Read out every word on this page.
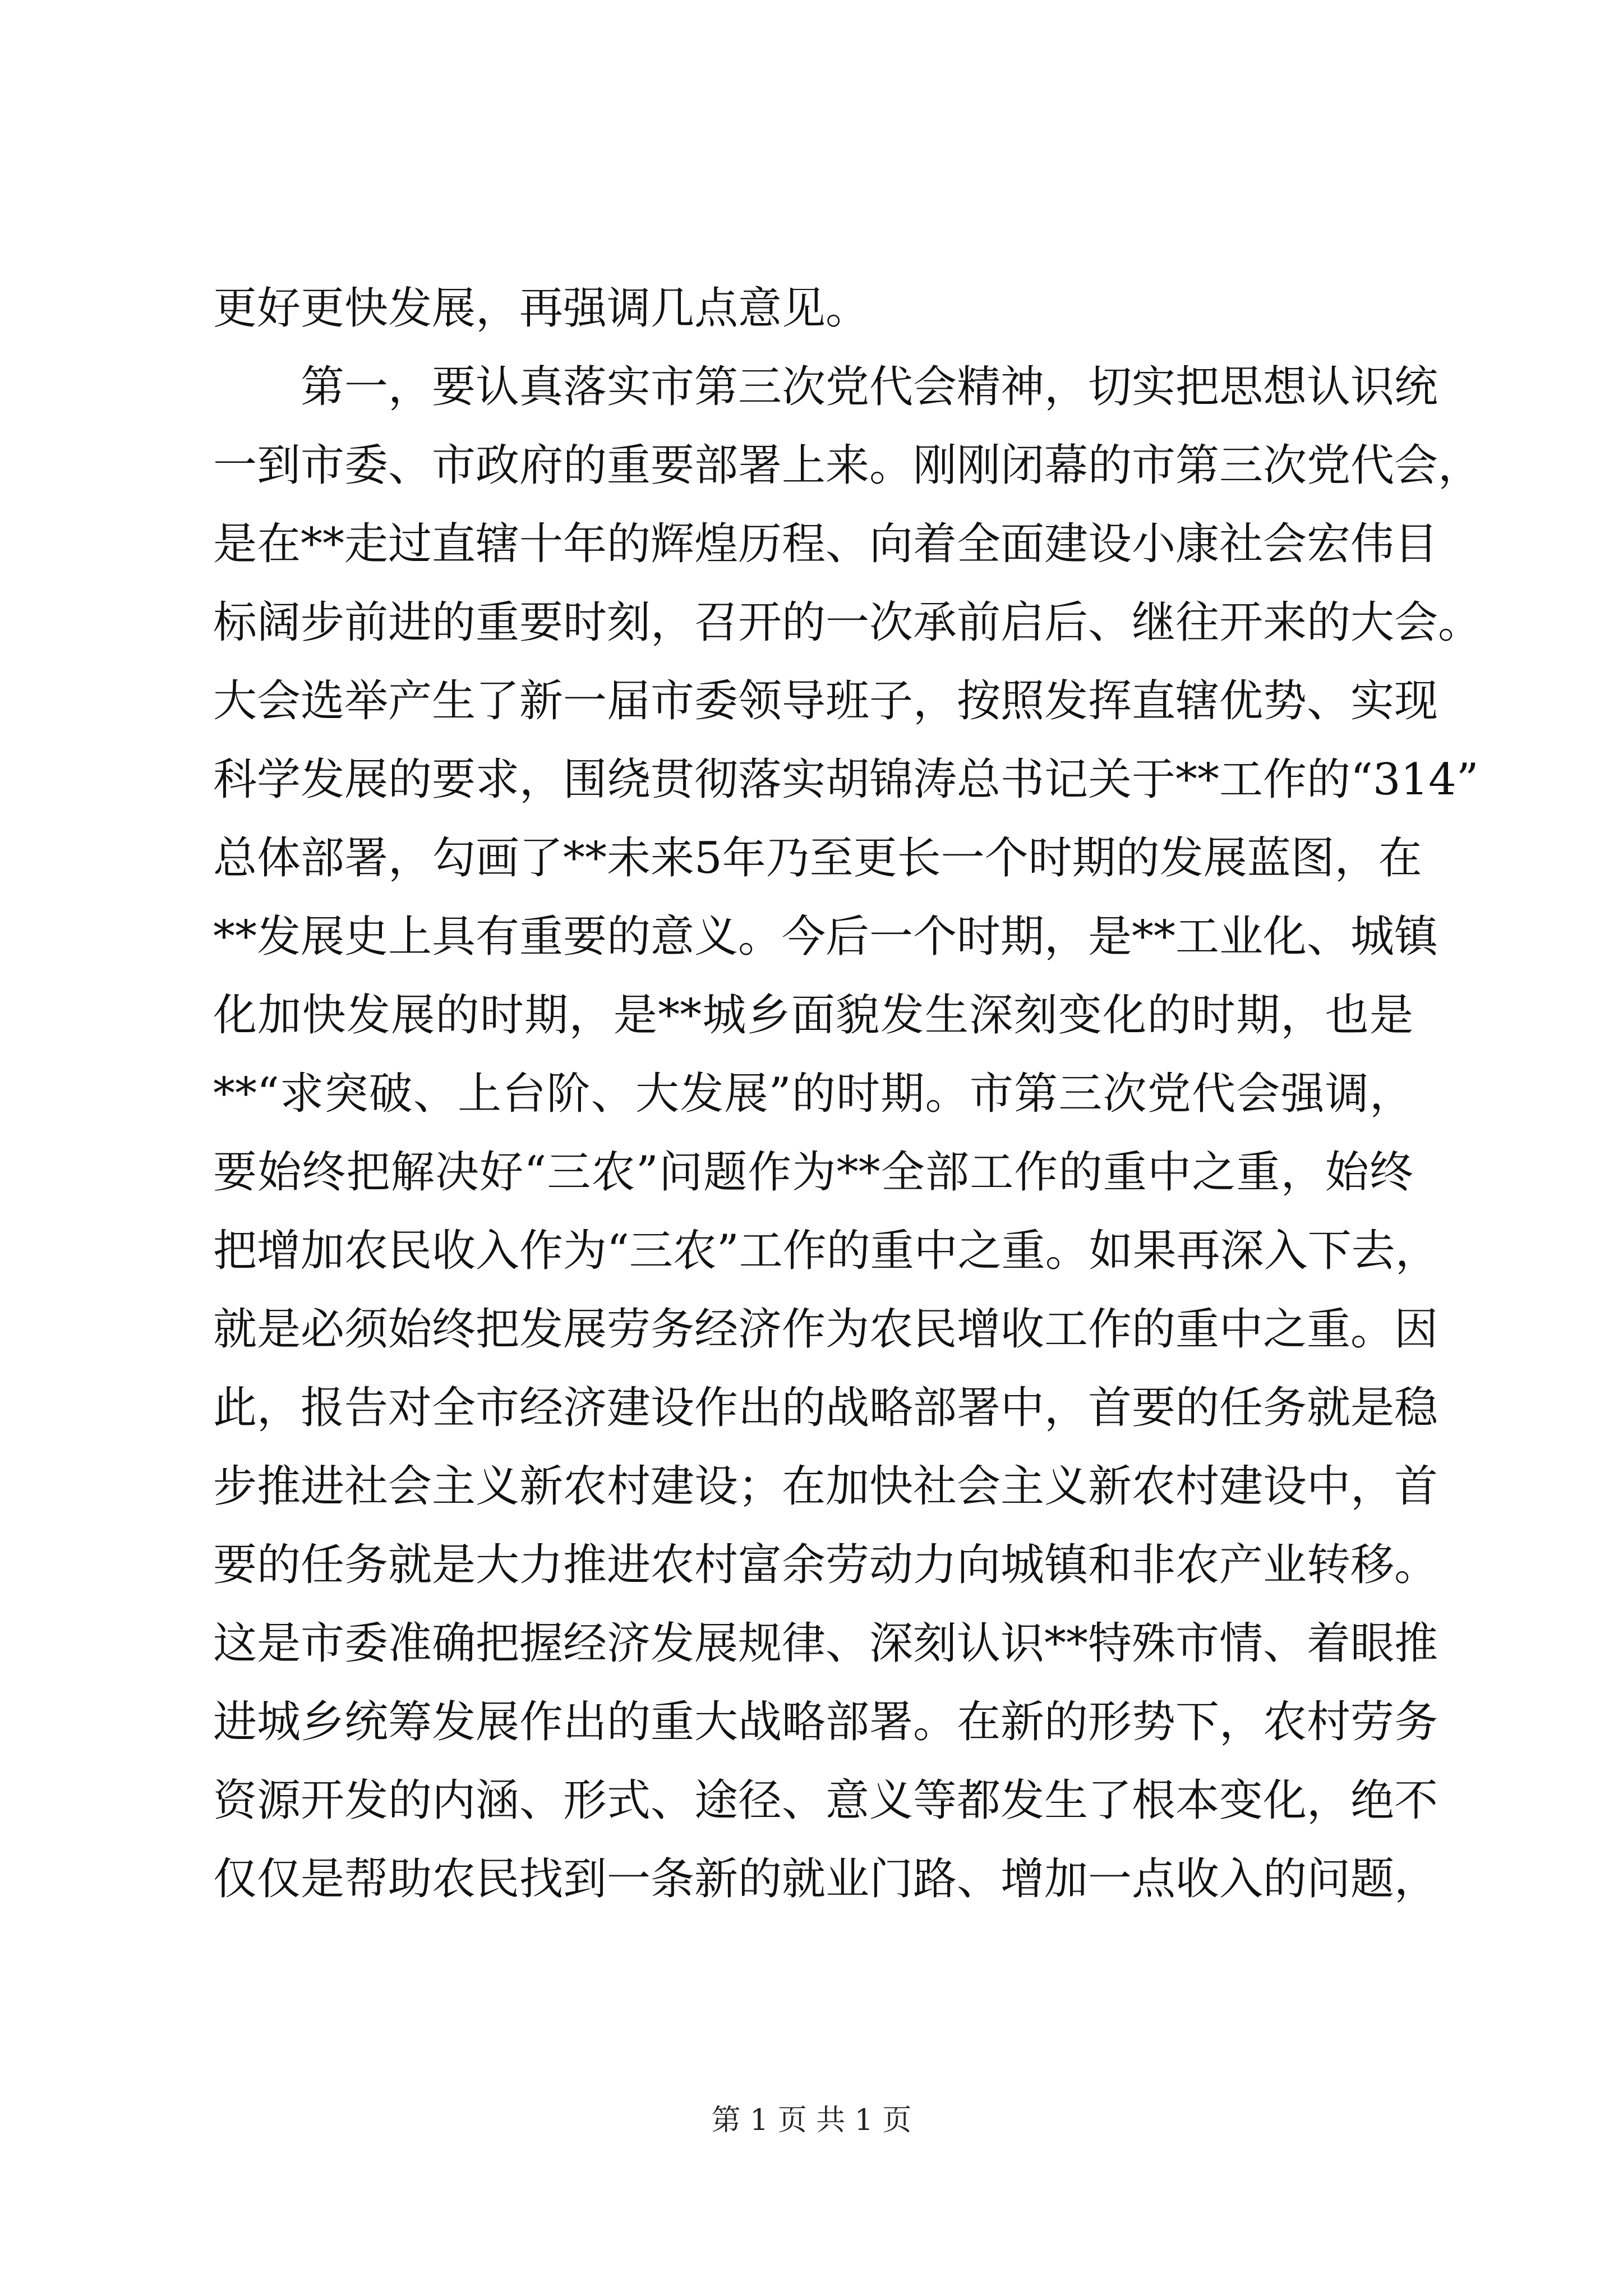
更好更快发展，再强调几点意见。
　　第一，要认真落实市第三次党代会精神，切实把思想认识统
一到市委、市政府的重要部署上来。刚刚闭幕的市第三次党代会，
是在**走过直辖十年的辉煌历程、向着全面建设小康社会宏伟目
标阔步前进的重要时刻，召开的一次承前启后、继往开来的大会。
大会选举产生了新一届市委领导班子，按照发挥直辖优势、实现
科学发展的要求，围绕贯彻落实胡锦涛总书记关于**工作的“314”
总体部署，勾画了**未来5年乃至更长一个时期的发展蓝图，在
**发展史上具有重要的意义。今后一个时期，是**工业化、城镇
化加快发展的时期，是**城乡面貌发生深刻变化的时期，也是
**“求突破、上台阶、大发展”的时期。市第三次党代会强调，
要始终把解决好“三农”问题作为**全部工作的重中之重，始终
把增加农民收入作为“三农”工作的重中之重。如果再深入下去，
就是必须始终把发展劳务经济作为农民增收工作的重中之重。因
此，报告对全市经济建设作出的战略部署中，首要的任务就是稳
步推进社会主义新农村建设；在加快社会主义新农村建设中，首
要的任务就是大力推进农村富余劳动力向城镇和非农产业转移。
这是市委准确把握经济发展规律、深刻认识**特殊市情、着眼推
进城乡统筹发展作出的重大战略部署。在新的形势下，农村劳务
资源开发的内涵、形式、途径、意义等都发生了根本变化，绝不
仅仅是帮助农民找到一条新的就业门路、增加一点收入的问题，
第 1 页 共 1 页
